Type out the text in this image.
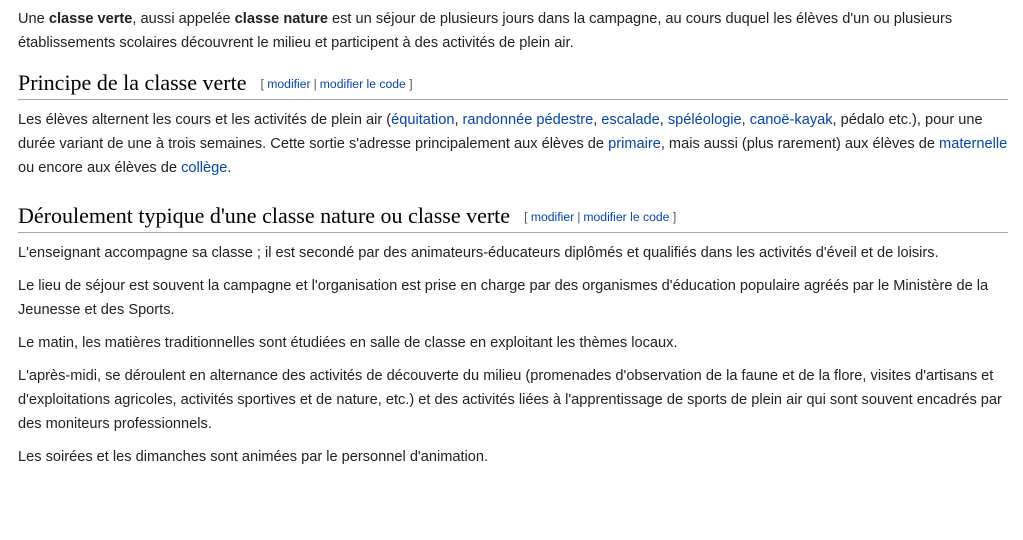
Une classe verte, aussi appelée classe nature est un séjour de plusieurs jours dans la campagne, au cours duquel les élèves d'un ou plusieurs établissements scolaires découvrent le milieu et participent à des activités de plein air.

Principe de la classe verte [ modifier | modifier le code ]

Les élèves alternent les cours et les activités de plein air (équitation, randonnée pédestre, escalade, spéléologie, canoë-kayak, pédalo etc.), pour une durée variant de une à trois semaines. Cette sortie s'adresse principalement aux élèves de primaire, mais aussi (plus rarement) aux élèves de maternelle ou encore aux élèves de collège.

Déroulement typique d'une classe nature ou classe verte [ modifier | modifier le code ]

L'enseignant accompagne sa classe ; il est secondé par des animateurs-éducateurs diplômés et qualifiés dans les activités d'éveil et de loisirs.

Le lieu de séjour est souvent la campagne et l'organisation est prise en charge par des organismes d'éducation populaire agréés par le Ministère de la Jeunesse et des Sports.

Le matin, les matières traditionnelles sont étudiées en salle de classe en exploitant les thèmes locaux.

L'après-midi, se déroulent en alternance des activités de découverte du milieu (promenades d'observation de la faune et de la flore, visites d'artisans et d'exploitations agricoles, activités sportives et de nature, etc.) et des activités liées à l'apprentissage de sports de plein air qui sont souvent encadrés par des moniteurs professionnels.

Les soirées et les dimanches sont animées par le personnel d'animation.
